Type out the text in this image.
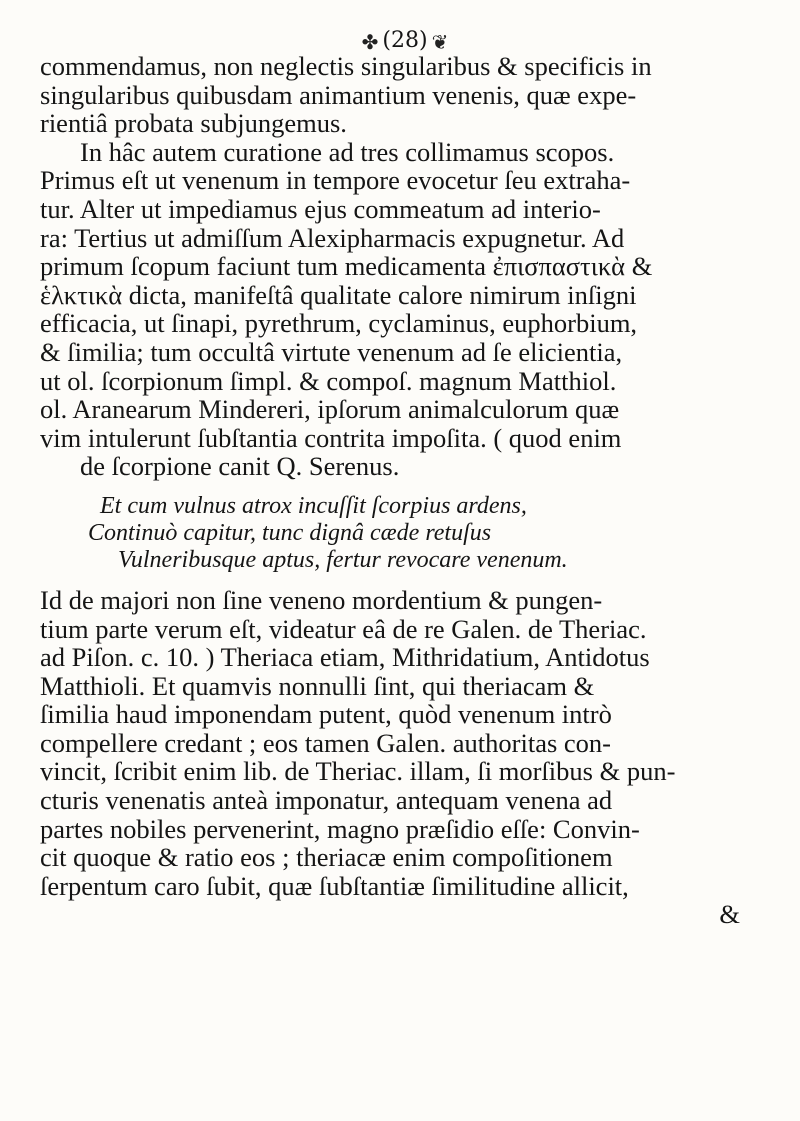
✤ (28) ❦
commendamus, non neglectis singularibus & specificis in
singularibus quibusdam animantium venenis, quæ expe-
rientiâ probata subjungemus.
In hâc autem curatione ad tres collimamus scopos.
Primus eſt ut venenum in tempore evocetur ſeu extraha-
tur. Alter ut impediamus ejus commeatum ad interio-
ra: Tertius ut admiſſum Alexipharmacis expugnetur. Ad
primum ſcopum faciunt tum medicamenta ἐπισπαστικὰ &
ἑλκτικὰ dicta, manifeſtâ qualitate calore nimirum inſigni
efficacia, ut ſinapi, pyrethrum, cyclaminus, euphorbium,
& ſimilia; tum occultâ virtute venenum ad ſe elicientia,
ut ol. ſcorpionum ſimpl. & compoſ. magnum Matthiol.
ol. Aranearum Mindereri, ipſorum animalculorum quæ
vim intulerunt ſubſtantia contrita impoſita. ( quod enim
de ſcorpione canit Q. Serenus.
Et cum vulnus atrox incuſſit ſcorpius ardens,
Continuò capitur, tunc dignâ cæde retuſus
Vulneribusque aptus, fertur revocare venenum.
Id de majori non ſine veneno mordentium & pungen-
tium parte verum eſt, videatur eâ de re Galen. de Theriac.
ad Piſon. c. 10. ) Theriaca etiam, Mithridatium, Antidotus
Matthioli. Et quamvis nonnulli ſint, qui theriacam &
ſimilia haud imponendam putent, quòd venenum intrò
compellere credant ; eos tamen Galen. authoritas con-
vincit, ſcribit enim lib. de Theriac. illam, ſi morſibus & pun-
cturis venenatis anteà imponatur, antequam venena ad
partes nobiles pervenerint, magno præſidio eſſe: Convin-
cit quoque & ratio eos ; theriacæ enim compoſitionem
ſerpentum caro ſubit, quæ ſubſtantiæ ſimilitudine allicit,
&
